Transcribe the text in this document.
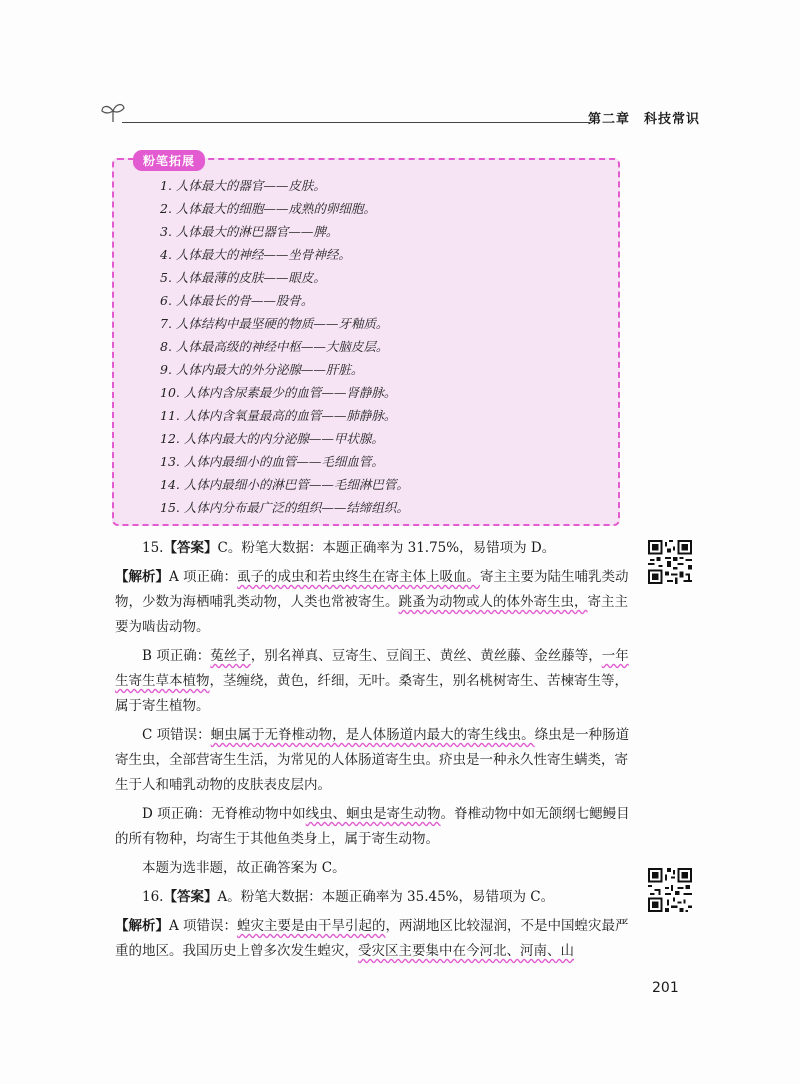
第二章 科技常识
粉笔拓展
1. 人体最大的器官——皮肤。
2. 人体最大的细胞——成熟的卵细胞。
3. 人体最大的淋巴器官——脾。
4. 人体最大的神经——坐骨神经。
5. 人体最薄的皮肤——眼皮。
6. 人体最长的骨——股骨。
7. 人体结构中最坚硬的物质——牙釉质。
8. 人体最高级的神经中枢——大脑皮层。
9. 人体内最大的外分泌腺——肝脏。
10. 人体内含尿素最少的血管——肾静脉。
11. 人体内含氧量最高的血管——肺静脉。
12. 人体内最大的内分泌腺——甲状腺。
13. 人体内最细小的血管——毛细血管。
14. 人体内最细小的淋巴管——毛细淋巴管。
15. 人体内分布最广泛的组织——结缔组织。

15.【答案】C。粉笔大数据：本题正确率为 31.75%，易错项为 D。

【解析】A 项正确：虱子的成虫和若虫终生在寄主体上吸血。寄主主要为陆生哺乳类动物，少数为海栖哺乳类动物，人类也常被寄生。跳蚤为动物或人的体外寄生虫，寄主主要为啮齿动物。

B 项正确：菟丝子，别名禅真、豆寄生、豆阎王、黄丝、黄丝藤、金丝藤等，一年生寄生草本植物，茎缠绕，黄色，纤细，无叶。桑寄生，别名桃树寄生、苦楝寄生等，属于寄生植物。

C 项错误：蛔虫属于无脊椎动物，是人体肠道内最大的寄生线虫。绦虫是一种肠道寄生虫，全部营寄生生活，为常见的人体肠道寄生虫。疥虫是一种永久性寄生螨类，寄生于人和哺乳动物的皮肤表皮层内。

D 项正确：无脊椎动物中如线虫、蛔虫是寄生动物。脊椎动物中如无颌纲七鳃鳗目的所有物种，均寄生于其他鱼类身上，属于寄生动物。

本题为选非题，故正确答案为 C。

16.【答案】A。粉笔大数据：本题正确率为 35.45%，易错项为 C。

【解析】A 项错误：蝗灾主要是由干旱引起的，两湖地区比较湿润，不是中国蝗灾最严重的地区。我国历史上曾多次发生蝗灾，受灾区主要集中在今河北、河南、山

201
